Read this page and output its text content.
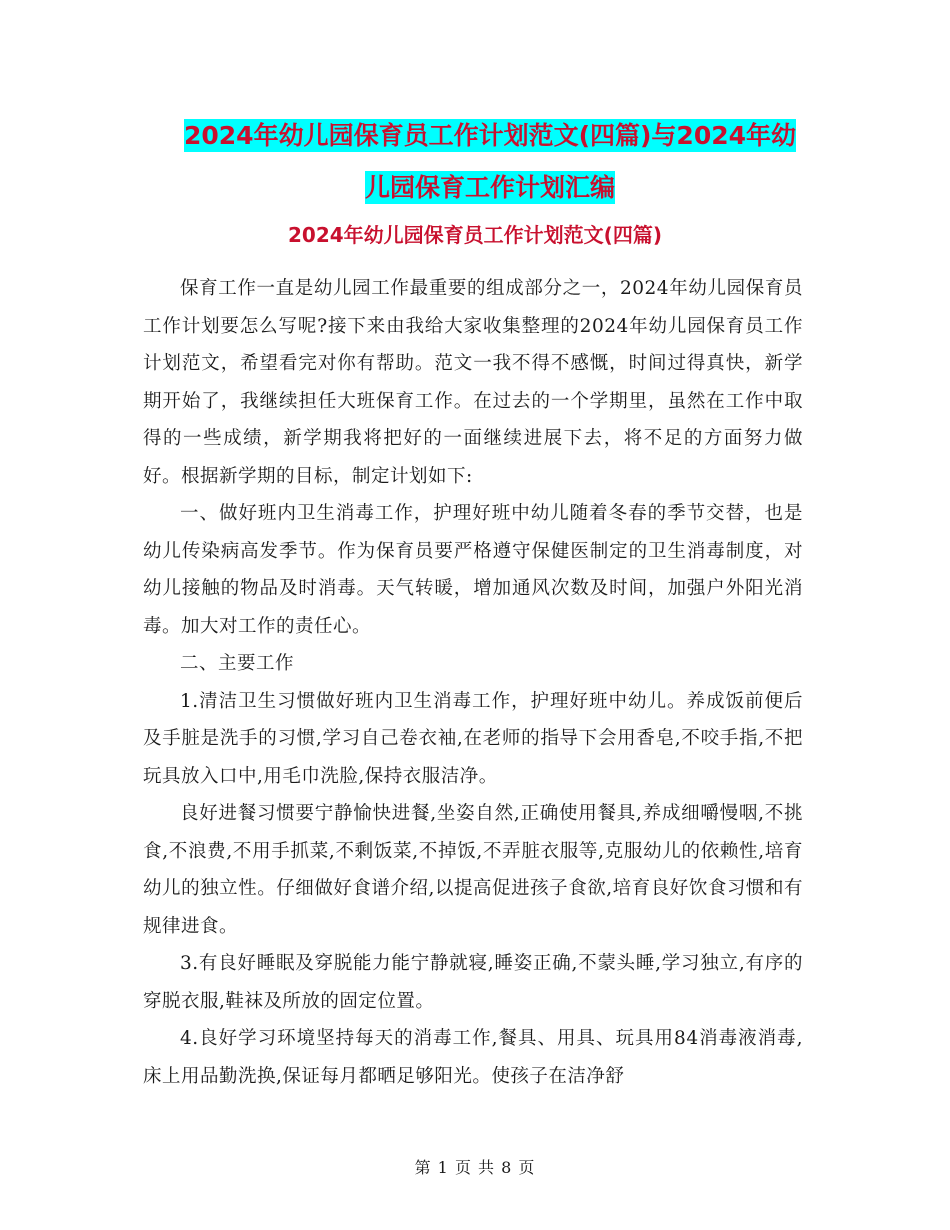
2024年幼儿园保育员工作计划范文(四篇)与2024年幼
儿园保育工作计划汇编
2024年幼儿园保育员工作计划范文(四篇)

保育工作一直是幼儿园工作最重要的组成部分之一，2024年幼儿园保育员工作计划要怎么写呢?接下来由我给大家收集整理的2024年幼儿园保育员工作计划范文，希望看完对你有帮助。范文一我不得不感慨，时间过得真快，新学期开始了，我继续担任大班保育工作。在过去的一个学期里，虽然在工作中取得的一些成绩，新学期我将把好的一面继续进展下去，将不足的方面努力做好。根据新学期的目标，制定计划如下:

一、做好班内卫生消毒工作，护理好班中幼儿随着冬春的季节交替，也是幼儿传染病高发季节。作为保育员要严格遵守保健医制定的卫生消毒制度，对幼儿接触的物品及时消毒。天气转暖，增加通风次数及时间，加强户外阳光消毒。加大对工作的责任心。

二、主要工作

1.清洁卫生习惯做好班内卫生消毒工作，护理好班中幼儿。养成饭前便后及手脏是洗手的习惯,学习自己卷衣袖,在老师的指导下会用香皂,不咬手指,不把玩具放入口中,用毛巾洗脸,保持衣服洁净。

良好进餐习惯要宁静愉快进餐,坐姿自然,正确使用餐具,养成细嚼慢咽,不挑食,不浪费,不用手抓菜,不剩饭菜,不掉饭,不弄脏衣服等,克服幼儿的依赖性,培育幼儿的独立性。仔细做好食谱介绍,以提高促进孩子食欲,培育良好饮食习惯和有规律进食。

3.有良好睡眠及穿脱能力能宁静就寝,睡姿正确,不蒙头睡,学习独立,有序的穿脱衣服,鞋袜及所放的固定位置。

4.良好学习环境坚持每天的消毒工作,餐具、用具、玩具用84消毒液消毒,床上用品勤洗换,保证每月都晒足够阳光。使孩子在洁净舒

第 1 页 共 8 页
